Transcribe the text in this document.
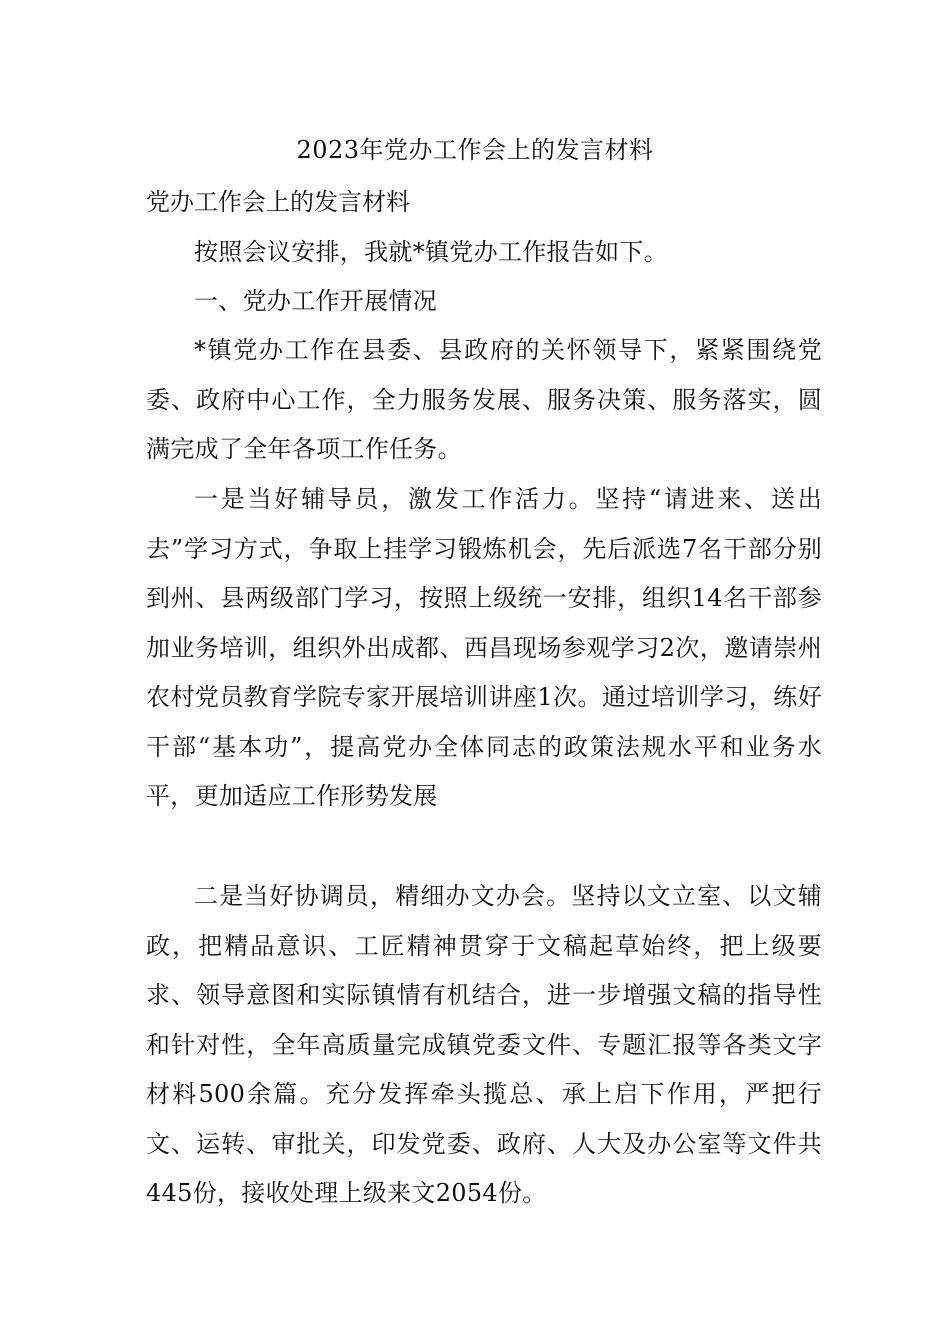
2023年党办工作会上的发言材料

党办工作会上的发言材料

按照会议安排，我就*镇党办工作报告如下。

一、党办工作开展情况

*镇党办工作在县委、县政府的关怀领导下，紧紧围绕党委、政府中心工作，全力服务发展、服务决策、服务落实，圆满完成了全年各项工作任务。

一是当好辅导员，激发工作活力。坚持“请进来、送出去”学习方式，争取上挂学习锻炼机会，先后派选7名干部分别到州、县两级部门学习，按照上级统一安排，组织14名干部参加业务培训，组织外出成都、西昌现场参观学习2次，邀请崇州农村党员教育学院专家开展培训讲座1次。通过培训学习，练好干部“基本功”，提高党办全体同志的政策法规水平和业务水平，更加适应工作形势发展

二是当好协调员，精细办文办会。坚持以文立室、以文辅政，把精品意识、工匠精神贯穿于文稿起草始终，把上级要求、领导意图和实际镇情有机结合，进一步增强文稿的指导性和针对性，全年高质量完成镇党委文件、专题汇报等各类文字材料500余篇。充分发挥牵头揽总、承上启下作用，严把行文、运转、审批关，印发党委、政府、人大及办公室等文件共445份，接收处理上级来文2054份。
